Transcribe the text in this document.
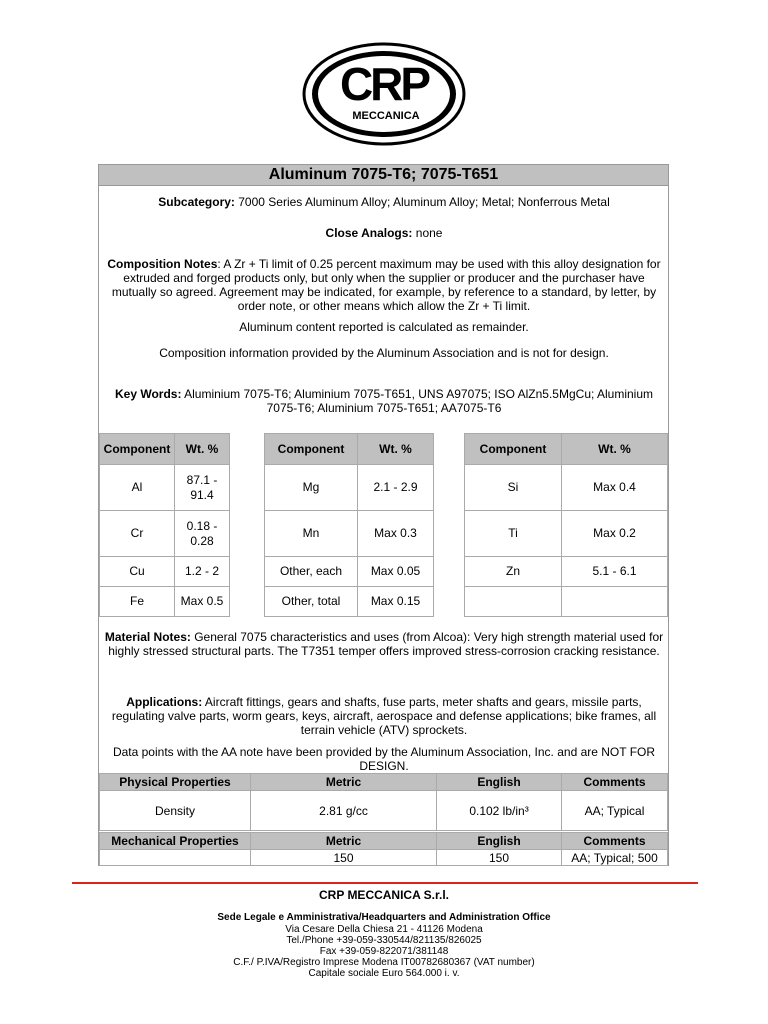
CRP
MECCANICA
Aluminum 7075-T6; 7075-T651
Subcategory: 7000 Series Aluminum Alloy; Aluminum Alloy; Metal; Nonferrous Metal
Close Analogs: none
Composition Notes: A Zr + Ti limit of 0.25 percent maximum may be used with this alloy designation for extruded and forged products only, but only when the supplier or producer and the purchaser have mutually so agreed. Agreement may be indicated, for example, by reference to a standard, by letter, by order note, or other means which allow the Zr + Ti limit.
Aluminum content reported is calculated as remainder.
Composition information provided by the Aluminum Association and is not for design.
Key Words: Aluminium 7075-T6; Aluminium 7075-T651, UNS A97075; ISO AlZn5.5MgCu; Aluminium 7075-T6; Aluminium 7075-T651; AA7075-T6
Component	Wt. %
Al	87.1 - 91.4
Cr	0.18 - 0.28
Cu	1.2 - 2
Fe	Max 0.5
Component	Wt. %
Mg	2.1 - 2.9
Mn	Max 0.3
Other, each	Max 0.05
Other, total	Max 0.15
Component	Wt. %
Si	Max 0.4
Ti	Max 0.2
Zn	5.1 - 6.1

Material Notes: General 7075 characteristics and uses (from Alcoa): Very high strength material used for highly stressed structural parts. The T7351 temper offers improved stress-corrosion cracking resistance.
Applications: Aircraft fittings, gears and shafts, fuse parts, meter shafts and gears, missile parts, regulating valve parts, worm gears, keys, aircraft, aerospace and defense applications; bike frames, all terrain vehicle (ATV) sprockets.
Data points with the AA note have been provided by the Aluminum Association, Inc. and are NOT FOR DESIGN.
Physical Properties	Metric	English	Comments
Density	2.81 g/cc	0.102 lb/in³	AA; Typical
Mechanical Properties	Metric	English	Comments
	150	150	AA; Typical; 500
CRP MECCANICA S.r.l.
Sede Legale e Amministrativa/Headquarters and Administration Office
Via Cesare Della Chiesa 21 - 41126 Modena
Tel./Phone +39-059-330544/821135/826025
Fax +39-059-822071/381148
C.F./ P.IVA/Registro Imprese Modena IT00782680367 (VAT number)
Capitale sociale Euro 564.000 i. v.
